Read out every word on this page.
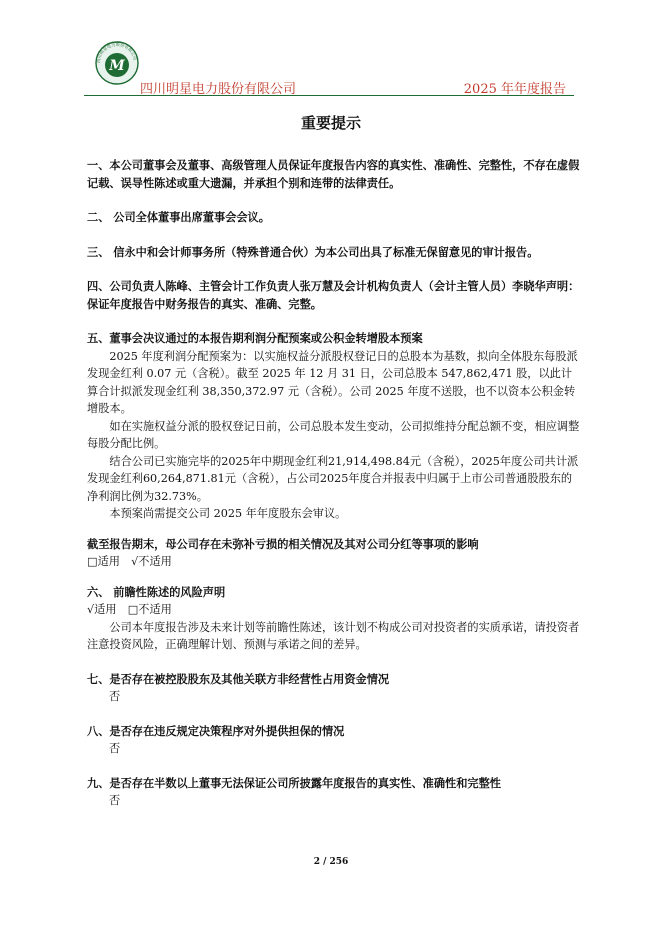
四川明星电力股份有限公司
M
四川明星电力股份有限公司	2025 年年度报告
重要提示

一、本公司董事会及董事、高级管理人员保证年度报告内容的真实性、准确性、完整性，不存在虚假记载、误导性陈述或重大遗漏，并承担个别和连带的法律责任。

二、 公司全体董事出席董事会会议。

三、 信永中和会计师事务所（特殊普通合伙）为本公司出具了标准无保留意见的审计报告。

四、公司负责人陈峰、主管会计工作负责人张万慧及会计机构负责人（会计主管人员）李晓华声明：保证年度报告中财务报告的真实、准确、完整。

五、董事会决议通过的本报告期利润分配预案或公积金转增股本预案

2025 年度利润分配预案为：以实施权益分派股权登记日的总股本为基数，拟向全体股东每股派发现金红利 0.07 元（含税）。截至 2025 年 12 月 31 日，公司总股本 547,862,471 股，以此计算合计拟派发现金红利 38,350,372.97 元（含税）。公司 2025 年度不送股，也不以资本公积金转增股本。

如在实施权益分派的股权登记日前，公司总股本发生变动，公司拟维持分配总额不变，相应调整每股分配比例。

结合公司已实施完毕的2025年中期现金红利21,914,498.84元（含税），2025年度公司共计派发现金红利60,264,871.81元（含税），占公司2025年度合并报表中归属于上市公司普通股股东的净利润比例为32.73%。

本预案尚需提交公司 2025 年年度股东会审议。

截至报告期末，母公司存在未弥补亏损的相关情况及其对公司分红等事项的影响

□适用　√不适用

六、 前瞻性陈述的风险声明

√适用　□不适用

公司本年度报告涉及未来计划等前瞻性陈述，该计划不构成公司对投资者的实质承诺，请投资者注意投资风险，正确理解计划、预测与承诺之间的差异。

七、是否存在被控股股东及其他关联方非经营性占用资金情况

否

八、是否存在违反规定决策程序对外提供担保的情况

否

九、是否存在半数以上董事无法保证公司所披露年度报告的真实性、准确性和完整性

否

2 / 256
